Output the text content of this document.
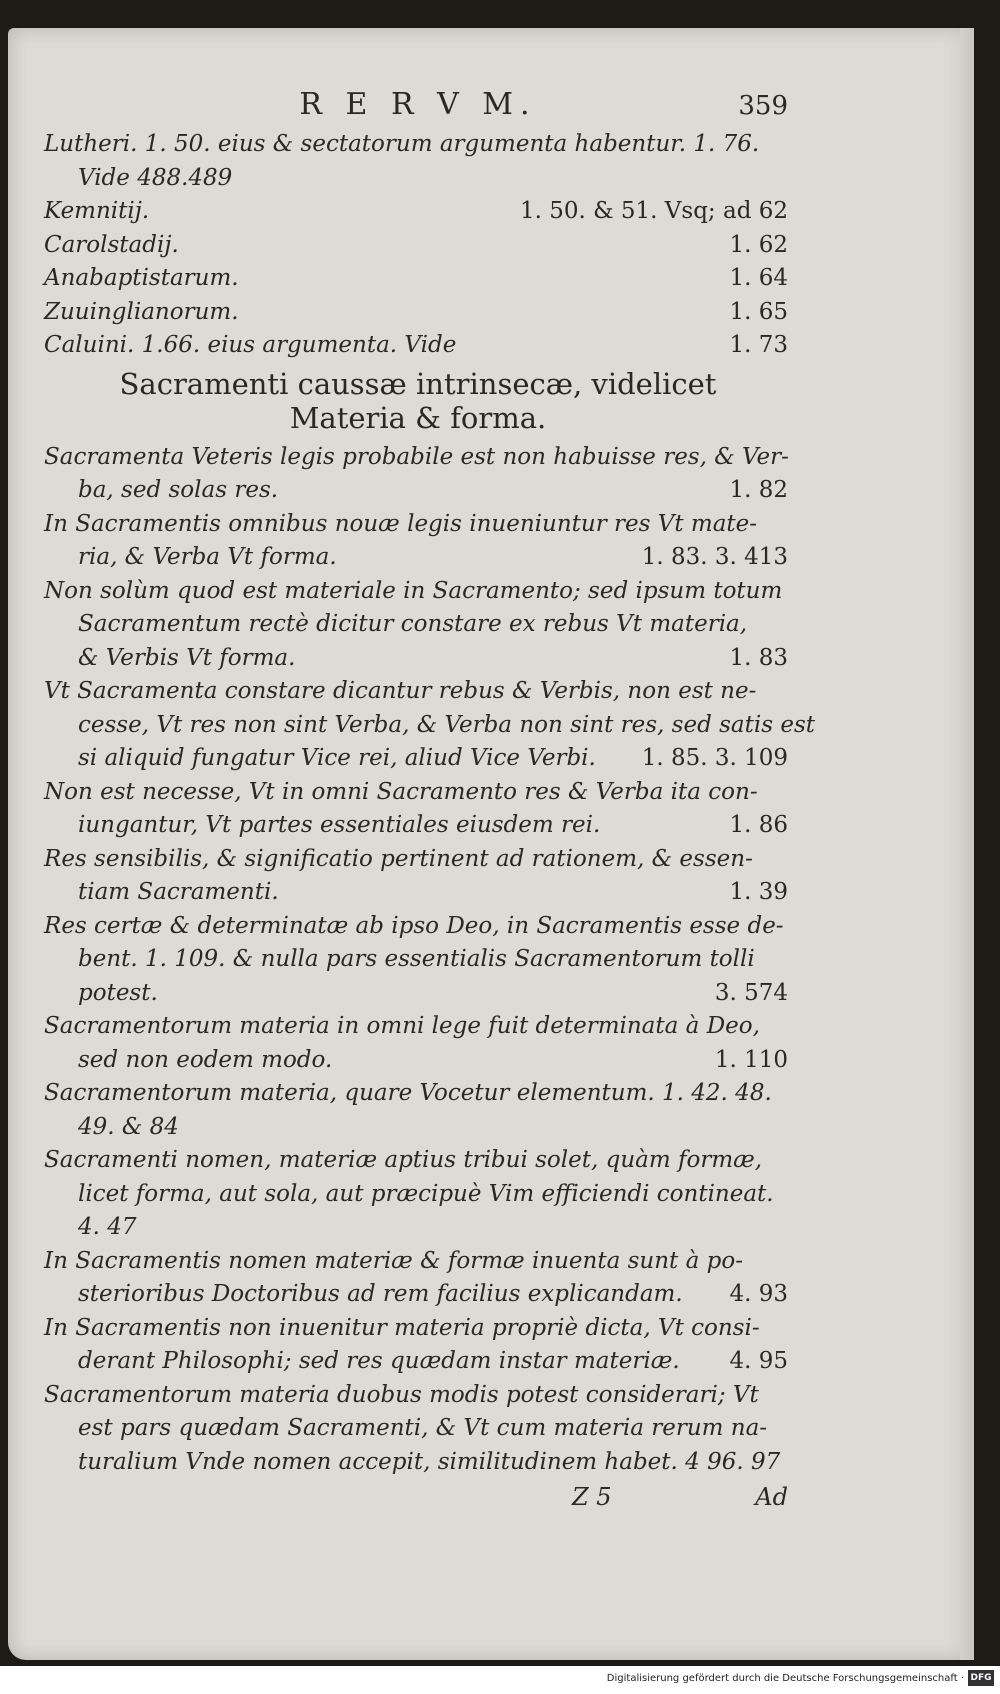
R E R V M.	359
Lutheri. 1. 50. eius & sectatorum argumenta habentur. 1. 76.
Vide 488.489
Kemnitij.	1. 50. & 51. Vsq; ad 62
Carolstadij.	1. 62
Anabaptistarum.	1. 64
Zuuinglianorum.	1. 65
Caluini. 1.66. eius argumenta. Vide	1. 73
Sacramenti caussæ intrinsecæ, videlicet
Materia & forma.
Sacramenta Veteris legis probabile est non habuisse res, & Ver-
ba, sed solas res.	1. 82
In Sacramentis omnibus nouæ legis inueniuntur res Vt mate-
ria, & Verba Vt forma.	1. 83. 3. 413
Non solùm quod est materiale in Sacramento; sed ipsum totum
Sacramentum rectè dicitur constare ex rebus Vt materia,
& Verbis Vt forma.	1. 83
Vt Sacramenta constare dicantur rebus & Verbis, non est ne-
cesse, Vt res non sint Verba, & Verba non sint res, sed satis est
si aliquid fungatur Vice rei, aliud Vice Verbi. 1. 85. 3. 109
Non est necesse, Vt in omni Sacramento res & Verba ita con-
iungantur, Vt partes essentiales eiusdem rei.	1. 86
Res sensibilis, & significatio pertinent ad rationem, & essen-
tiam Sacramenti.	1. 39
Res certæ & determinatæ ab ipso Deo, in Sacramentis esse de-
bent. 1. 109. & nulla pars essentialis Sacramentorum tolli
potest.	3. 574
Sacramentorum materia in omni lege fuit determinata à Deo,
sed non eodem modo.	1. 110
Sacramentorum materia, quare Vocetur elementum. 1. 42. 48.
49. & 84
Sacramenti nomen, materiæ aptius tribui solet, quàm formæ,
licet forma, aut sola, aut præcipuè Vim efficiendi contineat.
4. 47
In Sacramentis nomen materiæ & formæ inuenta sunt à po-
sterioribus Doctoribus ad rem facilius explicandam. 4. 93
In Sacramentis non inuenitur materia propriè dicta, Vt consi-
derant Philosophi; sed res quædam instar materiæ. 4. 95
Sacramentorum materia duobus modis potest considerari; Vt
est pars quædam Sacramenti, & Vt cum materia rerum na-
turalium Vnde nomen accepit, similitudinem habet. 4 96. 97
Z 5	Ad
Digitalisierung gefördert durch die Deutsche Forschungsgemeinschaft · DFG
